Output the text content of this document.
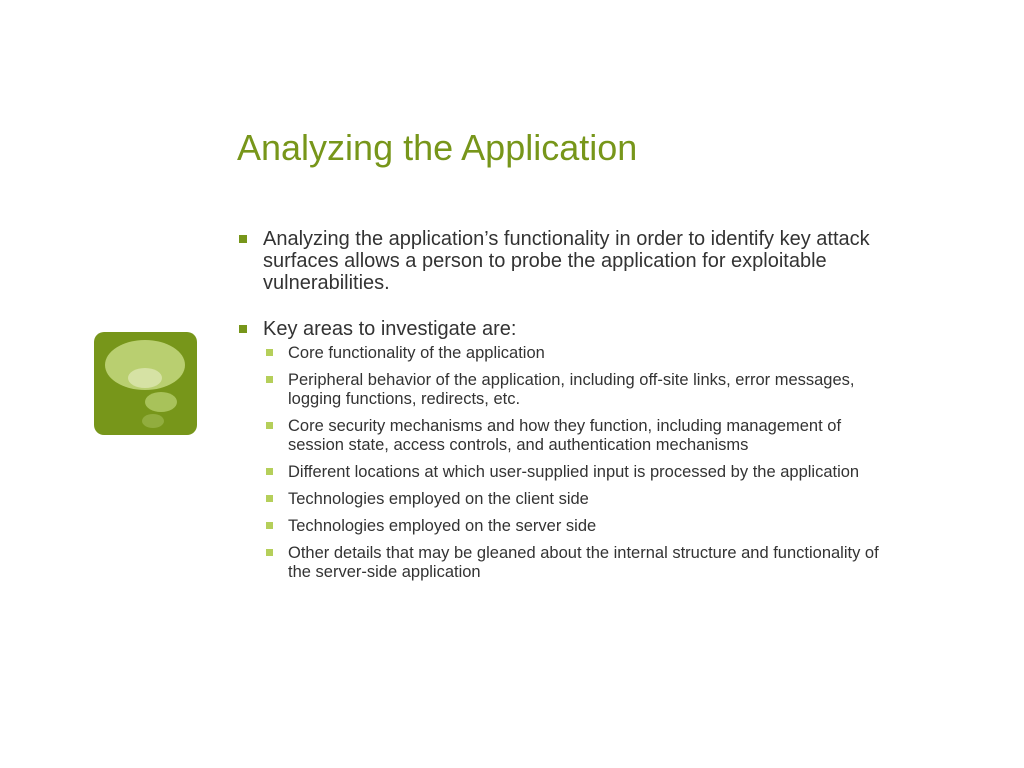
Analyzing the Application
Analyzing the application’s functionality in order to identify key attack surfaces allows a person to probe the application for exploitable vulnerabilities.
Key areas to investigate are:
Core functionality of the application
Peripheral behavior of the application, including off-site links, error messages, logging functions, redirects, etc.
Core security mechanisms and how they function, including management of session state, access controls, and authentication mechanisms
Different locations at which user-supplied input is processed by the application
Technologies employed on the client side
Technologies employed on the server side
Other details that may be gleaned about the internal structure and functionality of the server-side application
